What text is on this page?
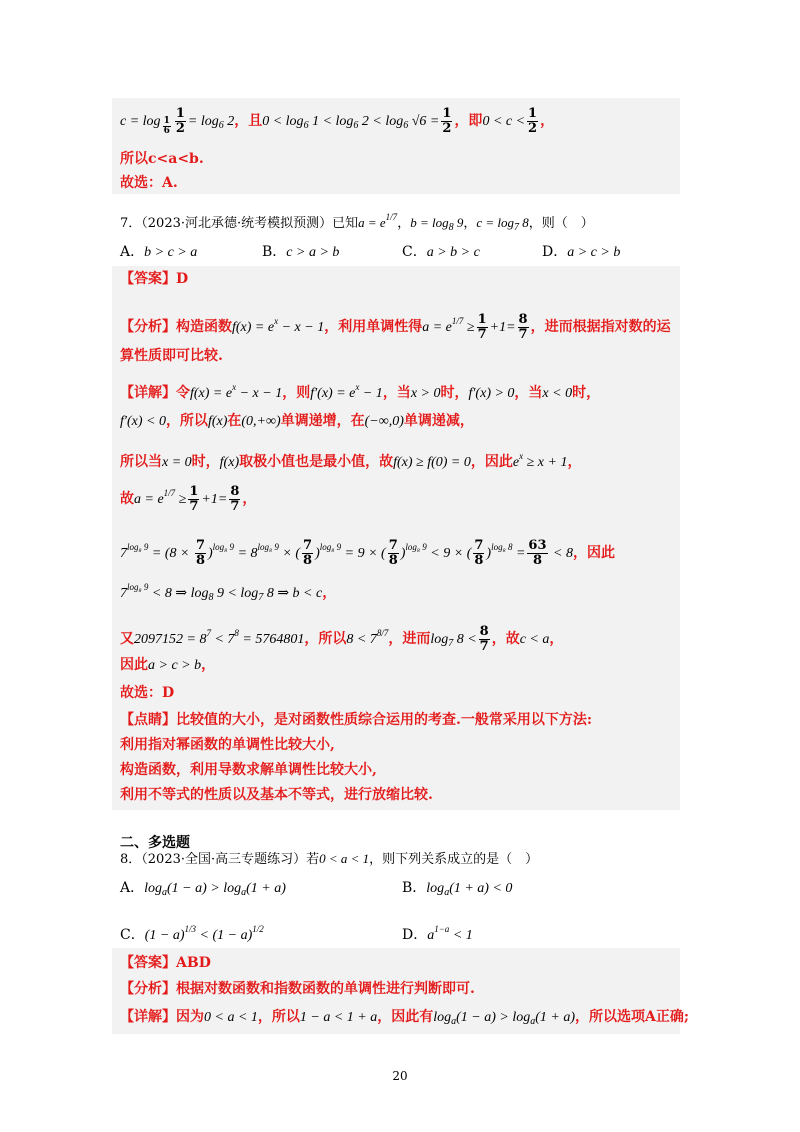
$c = \log \frac{1}{6} \frac{1}{2} = \log_6 2$，且$0 < \log_6 1 < \log_6 2 < \log_6 √6 = \frac{1}{2}$ ，即$0 < c < \frac{1}{2}$ ，
所以c<a<b.
故选：A.
7．（2023·河北承德·统考模拟预测）已知$a = e^{1/7}$，$b = \log_8 9$，$c = \log_7 8$，则（　）
A．b > c > a	B．c > a > b	C．a > b > c	D．a > c > b
【答案】D
【分析】构造函数$f(x) = e^x - x - 1$，利用单调性得$a = e^{1/7} \ge \frac{1}{7} +1= \frac{8}{7}$ ，进而根据指对数的运
算性质即可比较.
【详解】令$f(x) = e^x - x - 1$，则$f'(x) = e^x - 1$，当x > 0时，f′(x) > 0，当x < 0时，
f′(x) < 0，所以f(x)在(0,+∞)单调递增，在(−∞,0)单调递减，
所以当x = 0时，f(x)取极小值也是最小值，故f(x) ≥ f(0) = 0，因此$e^x \ge x + 1$，
故$a = e^{1/7} \ge \frac{1}{7} +1= \frac{8}{7}$ ，
$7^{log_8 9} = (8 \times \frac{7}{8} )^{log_8 9} = 8^{log_8 9}$ × ( $\frac{7}{8} )^{log_8 9} = 9$ × ( $\frac{7}{8} )^{log_8 9} < 9$ × ( $\frac{7}{8} )^{log_8 8} = \frac{63}{8} < 8$，因此
$7^{log_8 9} < 8$ ⇒ $\log_8 9 < \log_7 8$ ⇒ b < c，
又$2097152 = 8^7 < 7^8 = 5764801$，所以$8 < 7^{8/7}$，进而$\log_7 8 < \frac{8}{7}$ ，故c < a，
因此a > c > b，
故选：D
【点睛】比较值的大小，是对函数性质综合运用的考查.一般常采用以下方法:
利用指对幂函数的单调性比较大小,
构造函数，利用导数求解单调性比较大小,
利用不等式的性质以及基本不等式，进行放缩比较.
二、多选题
8．（2023·全国·高三专题练习）若0 < a < 1，则下列关系成立的是（　）
A．$\log_a(1 - a) > \log_a(1 + a)$	B．$\log_a(1 + a) < 0$
C．$(1 - a)^{1/3} < (1 - a)^{1/2}$	D．$a^{1-a} < 1$
【答案】ABD
【分析】根据对数函数和指数函数的单调性进行判断即可.
【详解】因为0 < a < 1，所以1 − a < 1 + a，因此有$\log_a(1 - a) > \log_a(1 + a)$，所以选项A正确;
20
